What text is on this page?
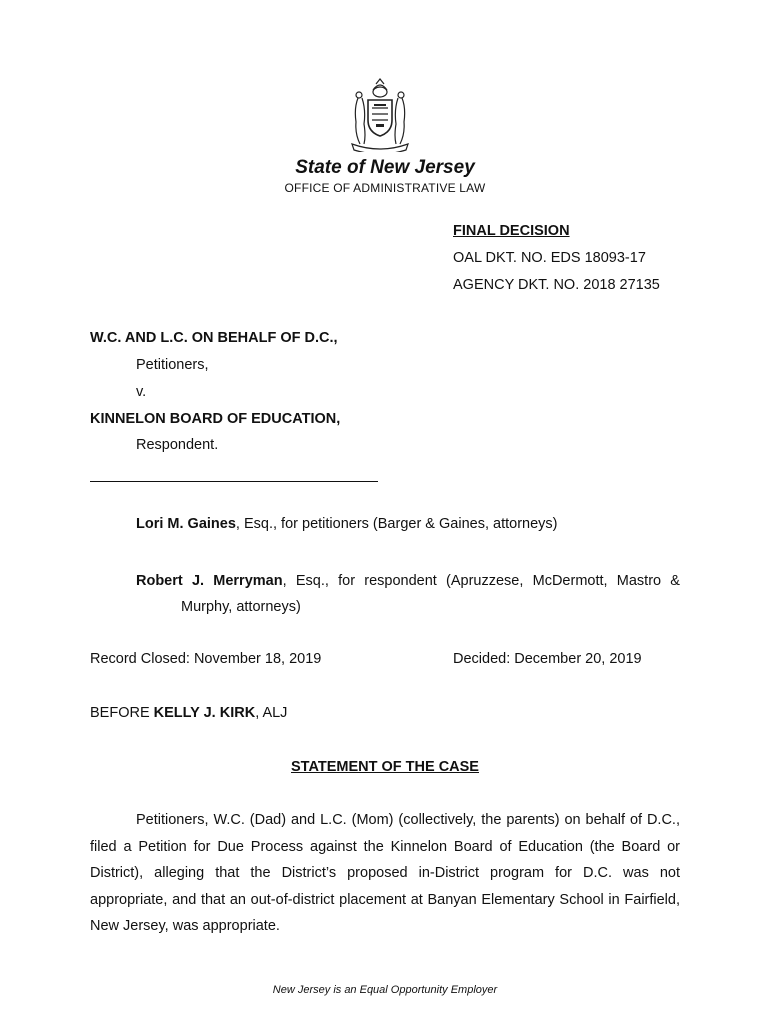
State of New Jersey
OFFICE OF ADMINISTRATIVE LAW
FINAL DECISION
OAL DKT. NO. EDS 18093-17
AGENCY DKT. NO. 2018 27135
W.C. AND L.C. ON BEHALF OF D.C.,
Petitioners,
v.
KINNELON BOARD OF EDUCATION,
Respondent.
Lori M. Gaines, Esq., for petitioners (Barger & Gaines, attorneys)
Robert J. Merryman, Esq., for respondent (Apruzzese, McDermott, Mastro & Murphy, attorneys)
Record Closed: November 18, 2019	Decided: December 20, 2019
BEFORE KELLY J. KIRK, ALJ
STATEMENT OF THE CASE
Petitioners, W.C. (Dad) and L.C. (Mom) (collectively, the parents) on behalf of D.C., filed a Petition for Due Process against the Kinnelon Board of Education (the Board or District), alleging that the District’s proposed in-District program for D.C. was not appropriate, and that an out-of-district placement at Banyan Elementary School in Fairfield, New Jersey, was appropriate.
New Jersey is an Equal Opportunity Employer
